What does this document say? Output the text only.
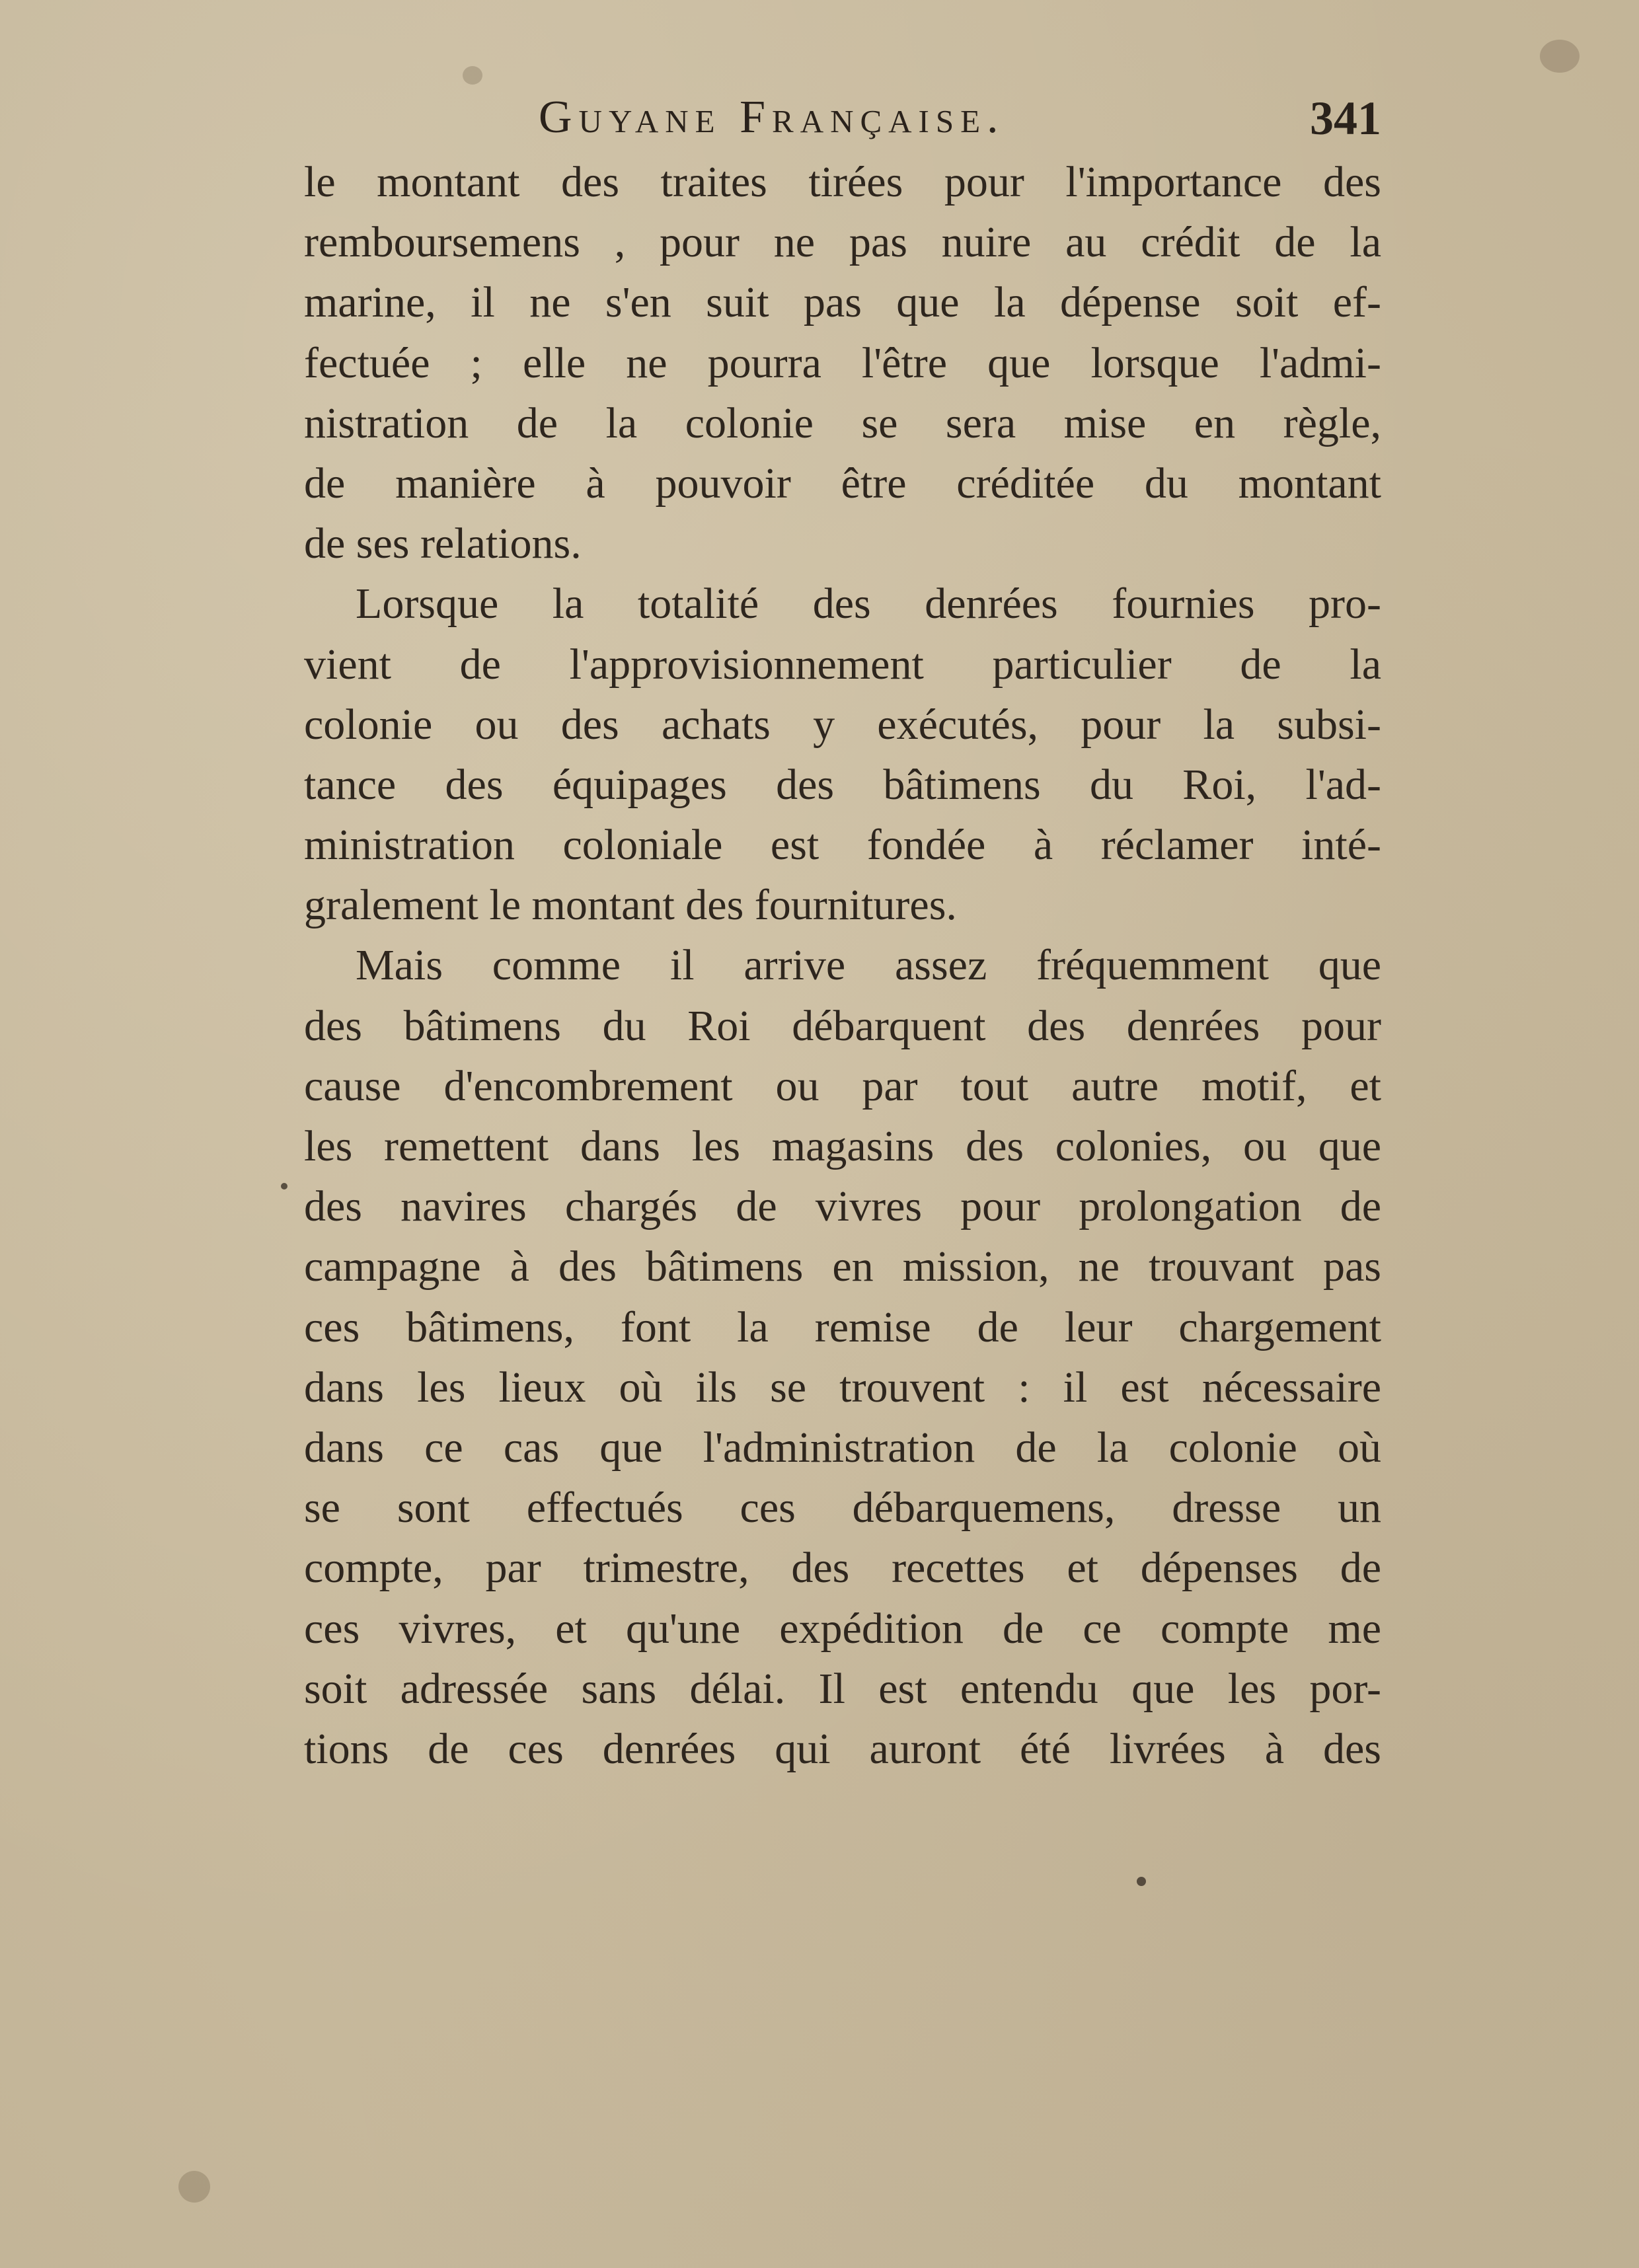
Guyane Française.	341
le montant des traites tirées pour l'importance des
remboursemens , pour ne pas nuire au crédit de la
marine, il ne s'en suit pas que la dépense soit ef-
fectuée ; elle ne pourra l'être que lorsque l'admi-
nistration de la colonie se sera mise en règle,
de manière à pouvoir être créditée du montant
de ses relations.
Lorsque la totalité des denrées fournies pro-
vient de l'approvisionnement particulier de la
colonie ou des achats y exécutés, pour la subsi-
tance des équipages des bâtimens du Roi, l'ad-
ministration coloniale est fondée à réclamer inté-
gralement le montant des fournitures.
Mais comme il arrive assez fréquemment que
des bâtimens du Roi débarquent des denrées pour
cause d'encombrement ou par tout autre motif, et
les remettent dans les magasins des colonies, ou que
des navires chargés de vivres pour prolongation de
campagne à des bâtimens en mission, ne trouvant pas
ces bâtimens, font la remise de leur chargement
dans les lieux où ils se trouvent : il est nécessaire
dans ce cas que l'administration de la colonie où
se sont effectués ces débarquemens, dresse un
compte, par trimestre, des recettes et dépenses de
ces vivres, et qu'une expédition de ce compte me
soit adressée sans délai. Il est entendu que les por-
tions de ces denrées qui auront été livrées à des
